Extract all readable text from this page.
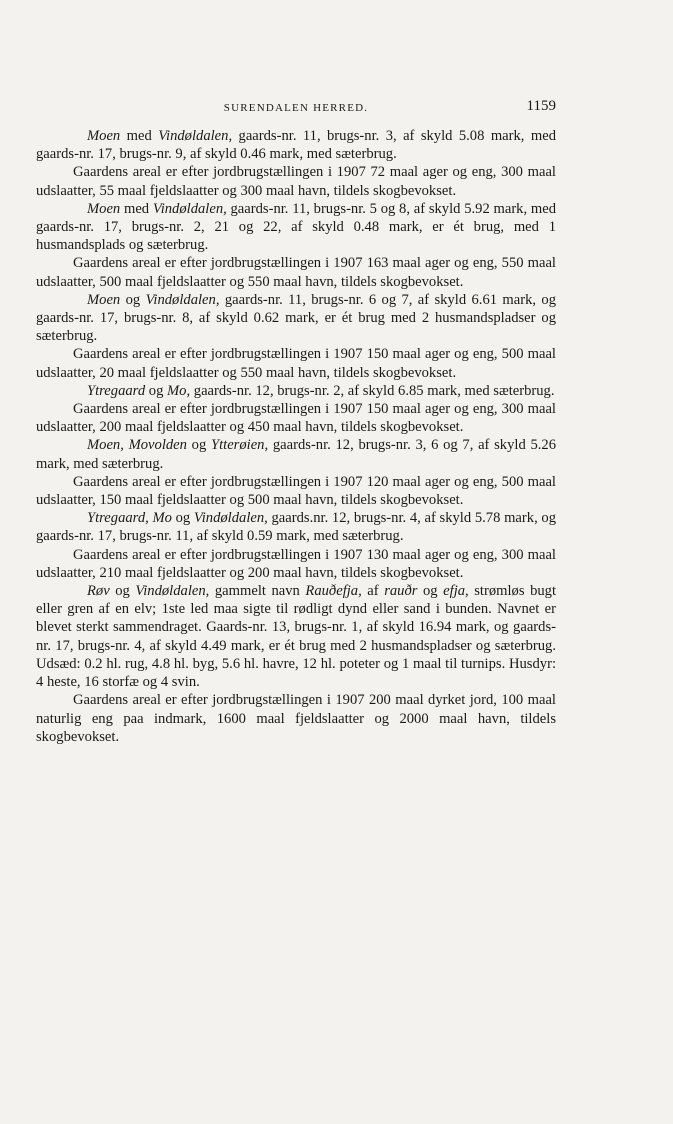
SURENDALEN HERRED.	1159

Moen med Vindøldalen, gaards-nr. 11, brugs-nr. 3, af skyld 5.08 mark, med gaards-nr. 17, brugs-nr. 9, af skyld 0.46 mark, med sæterbrug.

Gaardens areal er efter jordbrugstællingen i 1907 72 maal ager og eng, 300 maal udslaatter, 55 maal fjeldslaatter og 300 maal havn, tildels skogbevokset.

Moen med Vindøldalen, gaards-nr. 11, brugs-nr. 5 og 8, af skyld 5.92 mark, med gaards-nr. 17, brugs-nr. 2, 21 og 22, af skyld 0.48 mark, er ét brug, med 1 husmandsplads og sæterbrug.

Gaardens areal er efter jordbrugstællingen i 1907 163 maal ager og eng, 550 maal udslaatter, 500 maal fjeldslaatter og 550 maal havn, tildels skogbevokset.

Moen og Vindøldalen, gaards-nr. 11, brugs-nr. 6 og 7, af skyld 6.61 mark, og gaards-nr. 17, brugs-nr. 8, af skyld 0.62 mark, er ét brug med 2 husmandspladser og sæterbrug.

Gaardens areal er efter jordbrugstællingen i 1907 150 maal ager og eng, 500 maal udslaatter, 20 maal fjeldslaatter og 550 maal havn, tildels skogbevokset.

Ytregaard og Mo, gaards-nr. 12, brugs-nr. 2, af skyld 6.85 mark, med sæterbrug.

Gaardens areal er efter jordbrugstællingen i 1907 150 maal ager og eng, 300 maal udslaatter, 200 maal fjeldslaatter og 450 maal havn, tildels skogbevokset.

Moen, Movolden og Ytterøien, gaards-nr. 12, brugs-nr. 3, 6 og 7, af skyld 5.26 mark, med sæterbrug.

Gaardens areal er efter jordbrugstællingen i 1907 120 maal ager og eng, 500 maal udslaatter, 150 maal fjeldslaatter og 500 maal havn, tildels skogbevokset.

Ytregaard, Mo og Vindøldalen, gaards.nr. 12, brugs-nr. 4, af skyld 5.78 mark, og gaards-nr. 17, brugs-nr. 11, af skyld 0.59 mark, med sæterbrug.

Gaardens areal er efter jordbrugstællingen i 1907 130 maal ager og eng, 300 maal udslaatter, 210 maal fjeldslaatter og 200 maal havn, tildels skogbevokset.

Røv og Vindøldalen, gammelt navn Rauðefja, af rauðr og efja, strømløs bugt eller gren af en elv; 1ste led maa sigte til rødligt dynd eller sand i bunden. Navnet er blevet sterkt sammendraget. Gaards-nr. 13, brugs-nr. 1, af skyld 16.94 mark, og gaards-nr. 17, brugs-nr. 4, af skyld 4.49 mark, er ét brug med 2 husmandspladser og sæterbrug. Udsæd: 0.2 hl. rug, 4.8 hl. byg, 5.6 hl. havre, 12 hl. poteter og 1 maal til turnips. Husdyr: 4 heste, 16 storfæ og 4 svin.

Gaardens areal er efter jordbrugstællingen i 1907 200 maal dyrket jord, 100 maal naturlig eng paa indmark, 1600 maal fjeldslaatter og 2000 maal havn, tildels skogbevokset.
